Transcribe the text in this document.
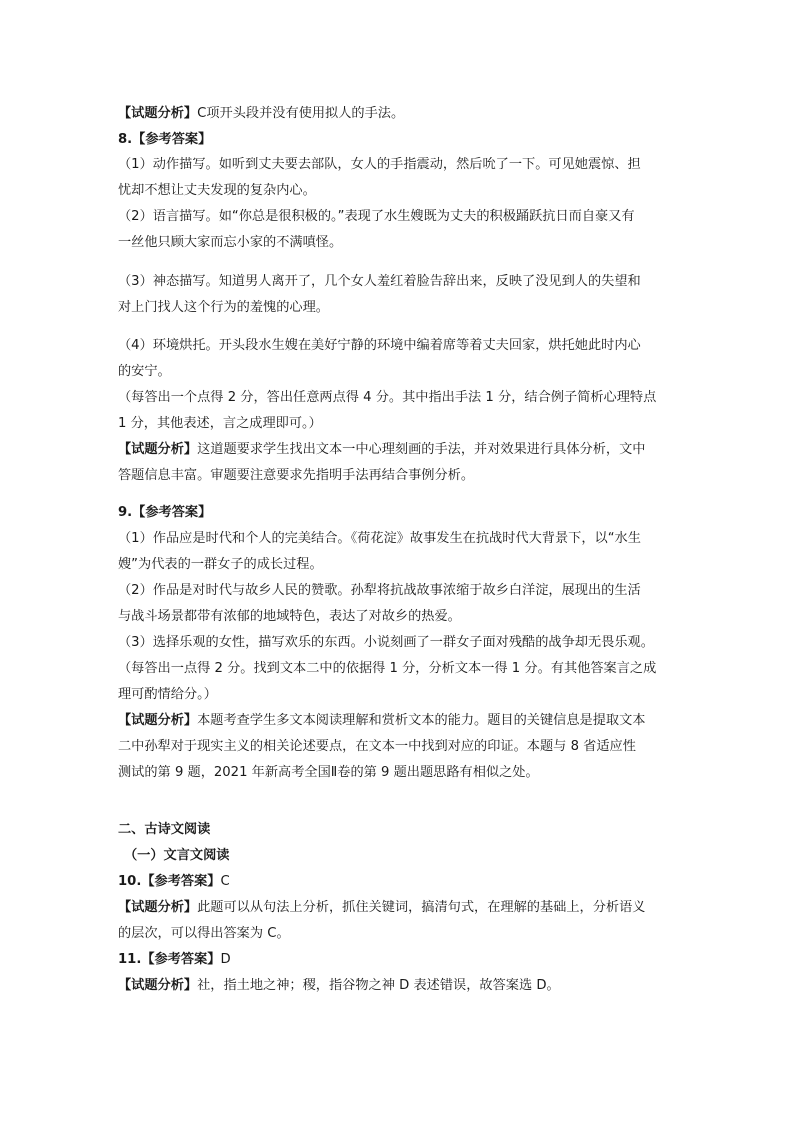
【试题分析】C项开头段并没有使用拟人的手法。
8.【参考答案】
（1）动作描写。如听到丈夫要去部队，女人的手指震动，然后吮了一下。可见她震惊、担
忧却不想让丈夫发现的复杂内心。
（2）语言描写。如“你总是很积极的。”表现了水生嫂既为丈夫的积极踊跃抗日而自豪又有
一丝他只顾大家而忘小家的不满嗔怪。
（3）神态描写。知道男人离开了，几个女人羞红着脸告辞出来，反映了没见到人的失望和
对上门找人这个行为的羞愧的心理。
（4）环境烘托。开头段水生嫂在美好宁静的环境中编着席等着丈夫回家，烘托她此时内心
的安宁。
（每答出一个点得 2 分，答出任意两点得 4 分。其中指出手法 1 分，结合例子简析心理特点
1 分，其他表述，言之成理即可。）
【试题分析】这道题要求学生找出文本一中心理刻画的手法，并对效果进行具体分析，文中
答题信息丰富。审题要注意要求先指明手法再结合事例分析。
9.【参考答案】
（1）作品应是时代和个人的完美结合。《荷花淀》故事发生在抗战时代大背景下，以“水生
嫂”为代表的一群女子的成长过程。
（2）作品是对时代与故乡人民的赞歌。孙犁将抗战故事浓缩于故乡白洋淀，展现出的生活
与战斗场景都带有浓郁的地域特色，表达了对故乡的热爱。
（3）选择乐观的女性，描写欢乐的东西。小说刻画了一群女子面对残酷的战争却无畏乐观。
（每答出一点得 2 分。找到文本二中的依据得 1 分，分析文本一得 1 分。有其他答案言之成
理可酌情给分。）
【试题分析】本题考查学生多文本阅读理解和赏析文本的能力。题目的关键信息是提取文本
二中孙犁对于现实主义的相关论述要点，在文本一中找到对应的印证。本题与 8 省适应性
测试的第 9 题，2021 年新高考全国Ⅱ卷的第 9 题出题思路有相似之处。
二、古诗文阅读
（一）文言文阅读
10.【参考答案】C
【试题分析】此题可以从句法上分析，抓住关键词，搞清句式，在理解的基础上，分析语义
的层次，可以得出答案为 C。
11.【参考答案】D
【试题分析】社，指土地之神；稷，指谷物之神 D 表述错误，故答案选 D。
